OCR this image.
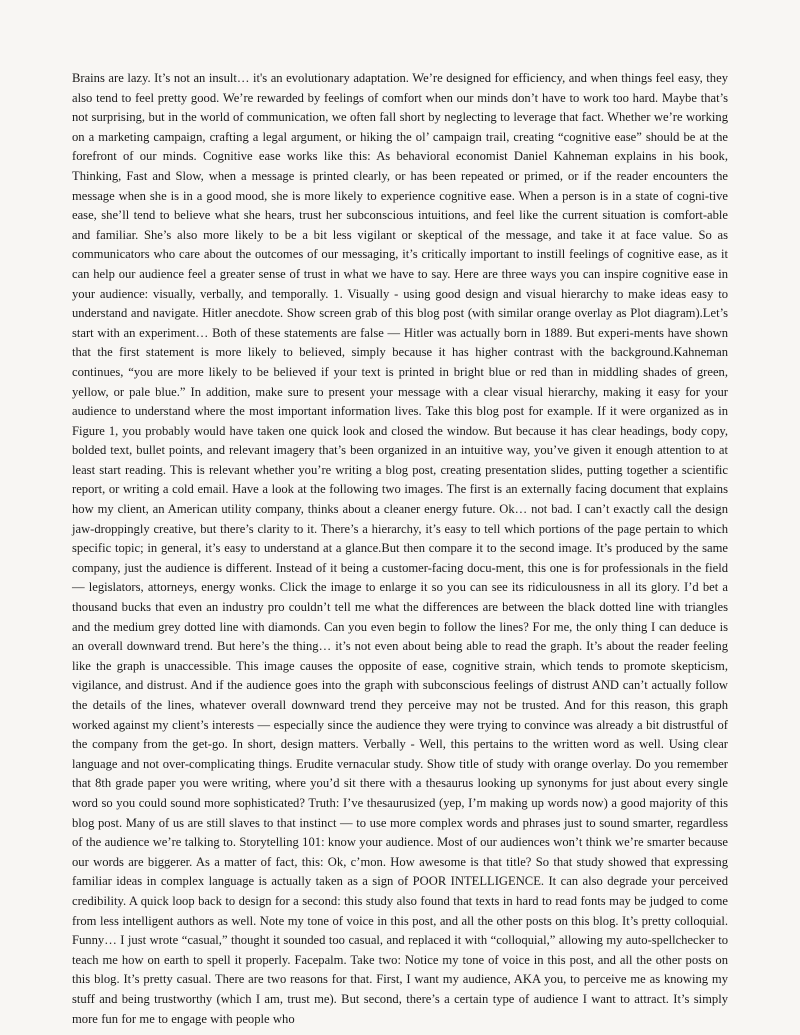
Brains are lazy. It’s not an insult… it's an evolutionary adaptation. We’re designed for efficiency, and when things feel easy, they also tend to feel pretty good. We’re rewarded by feelings of comfort when our minds don’t have to work too hard. Maybe that’s not surprising, but in the world of communication, we often fall short by neglecting to leverage that fact. Whether we’re working on a marketing campaign, crafting a legal argument, or hiking the ol’ campaign trail, creating “cognitive ease” should be at the forefront of our minds. Cognitive ease works like this: As behavioral economist Daniel Kahneman explains in his book, Thinking, Fast and Slow, when a message is printed clearly, or has been repeated or primed, or if the reader encounters the message when she is in a good mood, she is more likely to experience cognitive ease. When a person is in a state of cogni-tive ease, she’ll tend to believe what she hears, trust her subconscious intuitions, and feel like the current situation is comfort-able and familiar. She’s also more likely to be a bit less vigilant or skeptical of the message, and take it at face value. So as communicators who care about the outcomes of our messaging, it’s critically important to instill feelings of cognitive ease, as it can help our audience feel a greater sense of trust in what we have to say. Here are three ways you can inspire cognitive ease in your audience: visually, verbally, and temporally. 1. Visually - using good design and visual hierarchy to make ideas easy to understand and navigate. Hitler anecdote. Show screen grab of this blog post (with similar orange overlay as Plot diagram).Let’s start with an experiment… Both of these statements are false — Hitler was actually born in 1889. But experi-ments have shown that the first statement is more likely to believed, simply because it has higher contrast with the background.Kahneman continues, “you are more likely to be believed if your text is printed in bright blue or red than in middling shades of green, yellow, or pale blue.” In addition, make sure to present your message with a clear visual hierarchy, making it easy for your audience to understand where the most important information lives. Take this blog post for example. If it were organized as in Figure 1, you probably would have taken one quick look and closed the window. But because it has clear headings, body copy, bolded text, bullet points, and relevant imagery that’s been organized in an intuitive way, you’ve given it enough attention to at least start reading. This is relevant whether you’re writing a blog post, creating presentation slides, putting together a scientific report, or writing a cold email. Have a look at the following two images. The first is an externally facing document that explains how my client, an American utility company, thinks about a cleaner energy future. Ok… not bad. I can’t exactly call the design jaw-droppingly creative, but there’s clarity to it. There’s a hierarchy, it’s easy to tell which portions of the page pertain to which specific topic; in general, it’s easy to understand at a glance.But then compare it to the second image. It’s produced by the same company, just the audience is different. Instead of it being a customer-facing docu-ment, this one is for professionals in the field — legislators, attorneys, energy wonks. Click the image to enlarge it so you can see its ridiculousness in all its glory. I’d bet a thousand bucks that even an industry pro couldn’t tell me what the differences are between the black dotted line with triangles and the medium grey dotted line with diamonds. Can you even begin to follow the lines? For me, the only thing I can deduce is an overall downward trend. But here’s the thing… it’s not even about being able to read the graph. It’s about the reader feeling like the graph is unaccessible. This image causes the opposite of ease, cognitive strain, which tends to promote skepticism, vigilance, and distrust. And if the audience goes into the graph with subconscious feelings of distrust AND can’t actually follow the details of the lines, whatever overall downward trend they perceive may not be trusted. And for this reason, this graph worked against my client’s interests — especially since the audience they were trying to convince was already a bit distrustful of the company from the get-go. In short, design matters. Verbally - Well, this pertains to the written word as well. Using clear language and not over-complicating things. Erudite vernacular study. Show title of study with orange overlay. Do you remember that 8th grade paper you were writing, where you’d sit there with a thesaurus looking up synonyms for just about every single word so you could sound more sophisticated? Truth: I’ve thesaurusized (yep, I’m making up words now) a good majority of this blog post. Many of us are still slaves to that instinct — to use more complex words and phrases just to sound smarter, regardless of the audience we’re talking to. Storytelling 101: know your audience. Most of our audiences won’t think we’re smarter because our words are biggerer. As a matter of fact, this: Ok, c’mon. How awesome is that title? So that study showed that expressing familiar ideas in complex language is actually taken as a sign of POOR INTELLIGENCE. It can also degrade your perceived credibility. A quick loop back to design for a second: this study also found that texts in hard to read fonts may be judged to come from less intelligent authors as well. Note my tone of voice in this post, and all the other posts on this blog. It’s pretty colloquial. Funny… I just wrote “casual,” thought it sounded too casual, and replaced it with “colloquial,” allowing my auto-spellchecker to teach me how on earth to spell it properly. Facepalm. Take two: Notice my tone of voice in this post, and all the other posts on this blog. It’s pretty casual. There are two reasons for that. First, I want my audience, AKA you, to perceive me as knowing my stuff and being trustworthy (which I am, trust me). But second, there’s a certain type of audience I want to attract. It’s simply more fun for me to engage with people who
